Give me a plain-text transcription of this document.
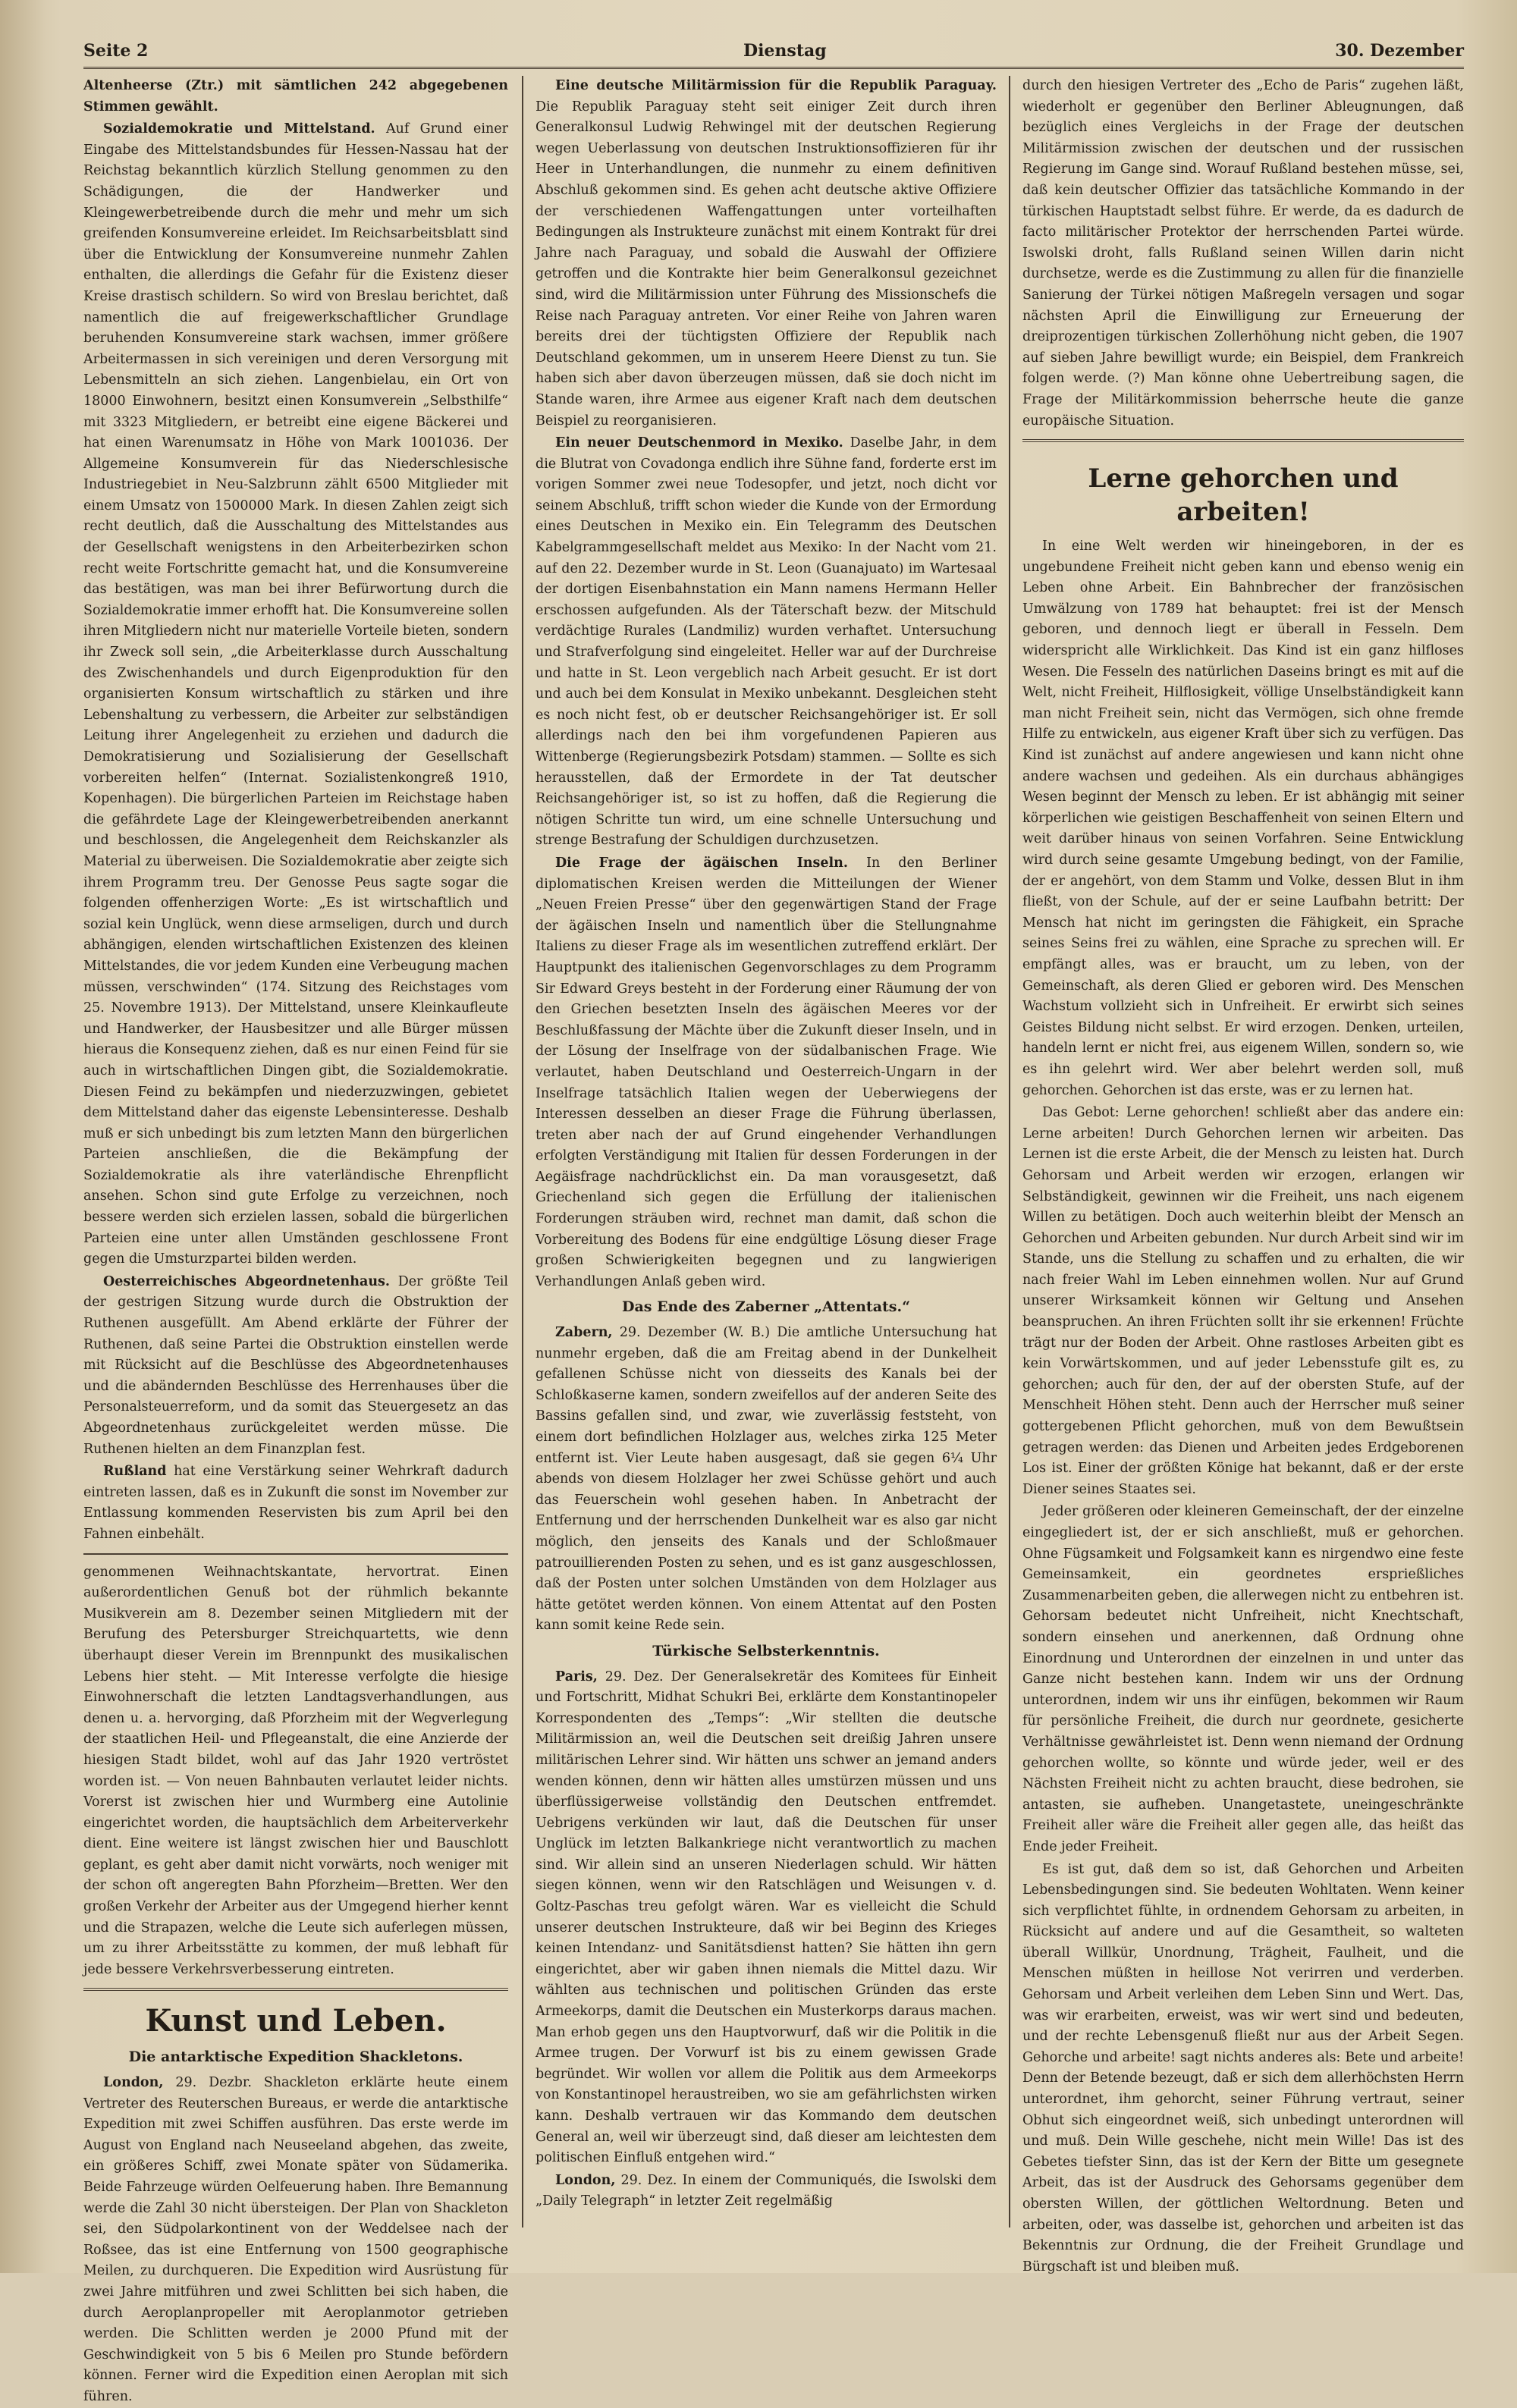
Seite 2	Dienstag	30. Dezember

Altenheerse (Ztr.) mit sämtlichen 242 abgegebenen Stimmen gewählt.

Sozialdemokratie und Mittelstand. Auf Grund einer Eingabe des Mittelstandsbundes für Hessen-Nassau hat der Reichstag bekanntlich kürzlich Stellung genommen zu den Schädigungen, die der Handwerker und Kleingewerbetreibende durch die mehr und mehr um sich greifenden Konsumvereine erleidet. Im Reichsarbeitsblatt sind über die Entwicklung der Konsumvereine nunmehr Zahlen enthalten, die allerdings die Gefahr für die Existenz dieser Kreise drastisch schildern. So wird von Breslau berichtet, daß namentlich die auf freigewerkschaftlicher Grundlage beruhenden Konsumvereine stark wachsen, immer größere Arbeitermassen in sich vereinigen und deren Versorgung mit Lebensmitteln an sich ziehen. Langenbielau, ein Ort von 18000 Einwohnern, besitzt einen Konsumverein „Selbsthilfe“ mit 3323 Mitgliedern, er betreibt eine eigene Bäckerei und hat einen Warenumsatz in Höhe von Mark 1001036. Der Allgemeine Konsumverein für das Niederschlesische Industriegebiet in Neu-Salzbrunn zählt 6500 Mitglieder mit einem Umsatz von 1500000 Mark. In diesen Zahlen zeigt sich recht deutlich, daß die Ausschaltung des Mittelstandes aus der Gesellschaft wenigstens in den Arbeiterbezirken schon recht weite Fortschritte gemacht hat, und die Konsumvereine das bestätigen, was man bei ihrer Befürwortung durch die Sozialdemokratie immer erhofft hat. Die Konsumvereine sollen ihren Mitgliedern nicht nur materielle Vorteile bieten, sondern ihr Zweck soll sein, „die Arbeiterklasse durch Ausschaltung des Zwischenhandels und durch Eigenproduktion für den organisierten Konsum wirtschaftlich zu stärken und ihre Lebenshaltung zu verbessern, die Arbeiter zur selbständigen Leitung ihrer Angelegenheit zu erziehen und dadurch die Demokratisierung und Sozialisierung der Gesellschaft vorbereiten helfen“ (Internat. Sozialistenkongreß 1910, Kopenhagen). Die bürgerlichen Parteien im Reichstage haben die gefährdete Lage der Kleingewerbetreibenden anerkannt und beschlossen, die Angelegenheit dem Reichskanzler als Material zu überweisen. Die Sozialdemokratie aber zeigte sich ihrem Programm treu. Der Genosse Peus sagte sogar die folgenden offenherzigen Worte: „Es ist wirtschaftlich und sozial kein Unglück, wenn diese armseligen, durch und durch abhängigen, elenden wirtschaftlichen Existenzen des kleinen Mittelstandes, die vor jedem Kunden eine Verbeugung machen müssen, verschwinden“ (174. Sitzung des Reichstages vom 25. Novembre 1913). Der Mittelstand, unsere Kleinkaufleute und Handwerker, der Hausbesitzer und alle Bürger müssen hieraus die Konsequenz ziehen, daß es nur einen Feind für sie auch in wirtschaftlichen Dingen gibt, die Sozialdemokratie. Diesen Feind zu bekämpfen und niederzuzwingen, gebietet dem Mittelstand daher das eigenste Lebensinteresse. Deshalb muß er sich unbedingt bis zum letzten Mann den bürgerlichen Parteien anschließen, die die Bekämpfung der Sozialdemokratie als ihre vaterländische Ehrenpflicht ansehen. Schon sind gute Erfolge zu verzeichnen, noch bessere werden sich erzielen lassen, sobald die bürgerlichen Parteien eine unter allen Umständen geschlossene Front gegen die Umsturzpartei bilden werden.

Oesterreichisches Abgeordnetenhaus. Der größte Teil der gestrigen Sitzung wurde durch die Obstruktion der Ruthenen ausgefüllt. Am Abend erklärte der Führer der Ruthenen, daß seine Partei die Obstruktion einstellen werde mit Rücksicht auf die Beschlüsse des Abgeordnetenhauses und die abändernden Beschlüsse des Herrenhauses über die Personalsteuerreform, und da somit das Steuergesetz an das Abgeordnetenhaus zurückgeleitet werden müsse. Die Ruthenen hielten an dem Finanzplan fest.

Rußland hat eine Verstärkung seiner Wehrkraft dadurch eintreten lassen, daß es in Zukunft die sonst im November zur Entlassung kommenden Reservisten bis zum April bei den Fahnen einbehält.

genommenen Weihnachtskantate, hervortrat. Einen außerordentlichen Genuß bot der rühmlich bekannte Musikverein am 8. Dezember seinen Mitgliedern mit der Berufung des Petersburger Streichquartetts, wie denn überhaupt dieser Verein im Brennpunkt des musikalischen Lebens hier steht. — Mit Interesse verfolgte die hiesige Einwohnerschaft die letzten Landtagsverhandlungen, aus denen u. a. hervorging, daß Pforzheim mit der Wegverlegung der staatlichen Heil- und Pflegeanstalt, die eine Anzierde der hiesigen Stadt bildet, wohl auf das Jahr 1920 vertröstet worden ist. — Von neuen Bahnbauten verlautet leider nichts. Vorerst ist zwischen hier und Wurmberg eine Autolinie eingerichtet worden, die hauptsächlich dem Arbeiterverkehr dient. Eine weitere ist längst zwischen hier und Bauschlott geplant, es geht aber damit nicht vorwärts, noch weniger mit der schon oft angeregten Bahn Pforzheim—Bretten. Wer den großen Verkehr der Arbeiter aus der Umgegend hierher kennt und die Strapazen, welche die Leute sich auferlegen müssen, um zu ihrer Arbeitsstätte zu kommen, der muß lebhaft für jede bessere Verkehrsverbesserung eintreten.

Kunst und Leben.
Die antarktische Expedition Shackletons.

London, 29. Dezbr. Shackleton erklärte heute einem Vertreter des Reuterschen Bureaus, er werde die antarktische Expedition mit zwei Schiffen ausführen. Das erste werde im August von England nach Neuseeland abgehen, das zweite, ein größeres Schiff, zwei Monate später von Südamerika. Beide Fahrzeuge würden Oelfeuerung haben. Ihre Bemannung werde die Zahl 30 nicht übersteigen. Der Plan von Shackleton sei, den Südpolarkontinent von der Weddelsee nach der Roßsee, das ist eine Entfernung von 1500 geographische Meilen, zu durchqueren. Die Expedition wird Ausrüstung für zwei Jahre mitführen und zwei Schlitten bei sich haben, die durch Aeroplanpropeller mit Aeroplanmotor getrieben werden. Die Schlitten werden je 2000 Pfund mit der Geschwindigkeit von 5 bis 6 Meilen pro Stunde befördern können. Ferner wird die Expedition einen Aeroplan mit sich führen.

Eine deutsche Militärmission für die Republik Paraguay. Die Republik Paraguay steht seit einiger Zeit durch ihren Generalkonsul Ludwig Rehwingel mit der deutschen Regierung wegen Ueberlassung von deutschen Instruktionsoffizieren für ihr Heer in Unterhandlungen, die nunmehr zu einem definitiven Abschluß gekommen sind. Es gehen acht deutsche aktive Offiziere der verschiedenen Waffengattungen unter vorteilhaften Bedingungen als Instrukteure zunächst mit einem Kontrakt für drei Jahre nach Paraguay, und sobald die Auswahl der Offiziere getroffen und die Kontrakte hier beim Generalkonsul gezeichnet sind, wird die Militärmission unter Führung des Missionschefs die Reise nach Paraguay antreten. Vor einer Reihe von Jahren waren bereits drei der tüchtigsten Offiziere der Republik nach Deutschland gekommen, um in unserem Heere Dienst zu tun. Sie haben sich aber davon überzeugen müssen, daß sie doch nicht im Stande waren, ihre Armee aus eigener Kraft nach dem deutschen Beispiel zu reorganisieren.

Ein neuer Deutschenmord in Mexiko. Daselbe Jahr, in dem die Blutrat von Covadonga endlich ihre Sühne fand, forderte erst im vorigen Sommer zwei neue Todesopfer, und jetzt, noch dicht vor seinem Abschluß, trifft schon wieder die Kunde von der Ermordung eines Deutschen in Mexiko ein. Ein Telegramm des Deutschen Kabelgrammgesellschaft meldet aus Mexiko: In der Nacht vom 21. auf den 22. Dezember wurde in St. Leon (Guanajuato) im Wartesaal der dortigen Eisenbahnstation ein Mann namens Hermann Heller erschossen aufgefunden. Als der Täterschaft bezw. der Mitschuld verdächtige Rurales (Landmiliz) wurden verhaftet. Untersuchung und Strafverfolgung sind eingeleitet. Heller war auf der Durchreise und hatte in St. Leon vergeblich nach Arbeit gesucht. Er ist dort und auch bei dem Konsulat in Mexiko unbekannt. Desgleichen steht es noch nicht fest, ob er deutscher Reichsangehöriger ist. Er soll allerdings nach den bei ihm vorgefundenen Papieren aus Wittenberge (Regierungsbezirk Potsdam) stammen. — Sollte es sich herausstellen, daß der Ermordete in der Tat deutscher Reichsangehöriger ist, so ist zu hoffen, daß die Regierung die nötigen Schritte tun wird, um eine schnelle Untersuchung und strenge Bestrafung der Schuldigen durchzusetzen.

Die Frage der ägäischen Inseln. In den Berliner diplomatischen Kreisen werden die Mitteilungen der Wiener „Neuen Freien Presse“ über den gegenwärtigen Stand der Frage der ägäischen Inseln und namentlich über die Stellungnahme Italiens zu dieser Frage als im wesentlichen zutreffend erklärt. Der Hauptpunkt des italienischen Gegenvorschlages zu dem Programm Sir Edward Greys besteht in der Forderung einer Räumung der von den Griechen besetzten Inseln des ägäischen Meeres vor der Beschlußfassung der Mächte über die Zukunft dieser Inseln, und in der Lösung der Inselfrage von der südalbanischen Frage. Wie verlautet, haben Deutschland und Oesterreich-Ungarn in der Inselfrage tatsächlich Italien wegen der Ueberwiegens der Interessen desselben an dieser Frage die Führung überlassen, treten aber nach der auf Grund eingehender Verhandlungen erfolgten Verständigung mit Italien für dessen Forderungen in der Aegäisfrage nachdrücklichst ein. Da man vorausgesetzt, daß Griechenland sich gegen die Erfüllung der italienischen Forderungen sträuben wird, rechnet man damit, daß schon die Vorbereitung des Bodens für eine endgültige Lösung dieser Frage großen Schwierigkeiten begegnen und zu langwierigen Verhandlungen Anlaß geben wird.

Das Ende des Zaberner „Attentats.“

Zabern, 29. Dezember (W. B.) Die amtliche Untersuchung hat nunmehr ergeben, daß die am Freitag abend in der Dunkelheit gefallenen Schüsse nicht von diesseits des Kanals bei der Schloßkaserne kamen, sondern zweifellos auf der anderen Seite des Bassins gefallen sind, und zwar, wie zuverlässig feststeht, von einem dort befindlichen Holzlager aus, welches zirka 125 Meter entfernt ist. Vier Leute haben ausgesagt, daß sie gegen 6¼ Uhr abends von diesem Holzlager her zwei Schüsse gehört und auch das Feuerschein wohl gesehen haben. In Anbetracht der Entfernung und der herrschenden Dunkelheit war es also gar nicht möglich, den jenseits des Kanals und der Schloßmauer patrouillierenden Posten zu sehen, und es ist ganz ausgeschlossen, daß der Posten unter solchen Umständen von dem Holzlager aus hätte getötet werden können. Von einem Attentat auf den Posten kann somit keine Rede sein.

Türkische Selbsterkenntnis.

Paris, 29. Dez. Der Generalsekretär des Komitees für Einheit und Fortschritt, Midhat Schukri Bei, erklärte dem Konstantinopeler Korrespondenten des „Temps“: „Wir stellten die deutsche Militärmission an, weil die Deutschen seit dreißig Jahren unsere militärischen Lehrer sind. Wir hätten uns schwer an jemand anders wenden können, denn wir hätten alles umstürzen müssen und uns überflüssigerweise vollständig den Deutschen entfremdet. Uebrigens verkünden wir laut, daß die Deutschen für unser Unglück im letzten Balkankriege nicht verantwortlich zu machen sind. Wir allein sind an unseren Niederlagen schuld. Wir hätten siegen können, wenn wir den Ratschlägen und Weisungen v. d. Goltz-Paschas treu gefolgt wären. War es vielleicht die Schuld unserer deutschen Instrukteure, daß wir bei Beginn des Krieges keinen Intendanz- und Sanitätsdienst hatten? Sie hätten ihn gern eingerichtet, aber wir gaben ihnen niemals die Mittel dazu. Wir wählten aus technischen und politischen Gründen das erste Armeekorps, damit die Deutschen ein Musterkorps daraus machen. Man erhob gegen uns den Hauptvorwurf, daß wir die Politik in die Armee trugen. Der Vorwurf ist bis zu einem gewissen Grade begründet. Wir wollen vor allem die Politik aus dem Armeekorps von Konstantinopel heraustreiben, wo sie am gefährlichsten wirken kann. Deshalb vertrauen wir das Kommando dem deutschen General an, weil wir überzeugt sind, daß dieser am leichtesten dem politischen Einfluß entgehen wird.“

London, 29. Dez. In einem der Communiqués, die Iswolski dem „Daily Telegraph“ in letzter Zeit regelmäßig

durch den hiesigen Vertreter des „Echo de Paris“ zugehen läßt, wiederholt er gegenüber den Berliner Ableugnungen, daß bezüglich eines Vergleichs in der Frage der deutschen Militärmission zwischen der deutschen und der russischen Regierung im Gange sind. Worauf Rußland bestehen müsse, sei, daß kein deutscher Offizier das tatsächliche Kommando in der türkischen Hauptstadt selbst führe. Er werde, da es dadurch de facto militärischer Protektor der herrschenden Partei würde. Iswolski droht, falls Rußland seinen Willen darin nicht durchsetze, werde es die Zustimmung zu allen für die finanzielle Sanierung der Türkei nötigen Maßregeln versagen und sogar nächsten April die Einwilligung zur Erneuerung der dreiprozentigen türkischen Zollerhöhung nicht geben, die 1907 auf sieben Jahre bewilligt wurde; ein Beispiel, dem Frankreich folgen werde. (?) Man könne ohne Uebertreibung sagen, die Frage der Militärkommission beherrsche heute die ganze europäische Situation.

Lerne gehorchen und arbeiten!

In eine Welt werden wir hineingeboren, in der es ungebundene Freiheit nicht geben kann und ebenso wenig ein Leben ohne Arbeit. Ein Bahnbrecher der französischen Umwälzung von 1789 hat behauptet: frei ist der Mensch geboren, und dennoch liegt er überall in Fesseln. Dem widerspricht alle Wirklichkeit. Das Kind ist ein ganz hilfloses Wesen. Die Fesseln des natürlichen Daseins bringt es mit auf die Welt, nicht Freiheit, Hilflosigkeit, völlige Unselbständigkeit kann man nicht Freiheit sein, nicht das Vermögen, sich ohne fremde Hilfe zu entwickeln, aus eigener Kraft über sich zu verfügen. Das Kind ist zunächst auf andere angewiesen und kann nicht ohne andere wachsen und gedeihen. Als ein durchaus abhängiges Wesen beginnt der Mensch zu leben. Er ist abhängig mit seiner körperlichen wie geistigen Beschaffenheit von seinen Eltern und weit darüber hinaus von seinen Vorfahren. Seine Entwicklung wird durch seine gesamte Umgebung bedingt, von der Familie, der er angehört, von dem Stamm und Volke, dessen Blut in ihm fließt, von der Schule, auf der er seine Laufbahn betritt: Der Mensch hat nicht im geringsten die Fähigkeit, ein Sprache seines Seins frei zu wählen, eine Sprache zu sprechen will. Er empfängt alles, was er braucht, um zu leben, von der Gemeinschaft, als deren Glied er geboren wird. Des Menschen Wachstum vollzieht sich in Unfreiheit. Er erwirbt sich seines Geistes Bildung nicht selbst. Er wird erzogen. Denken, urteilen, handeln lernt er nicht frei, aus eigenem Willen, sondern so, wie es ihn gelehrt wird. Wer aber belehrt werden soll, muß gehorchen. Gehorchen ist das erste, was er zu lernen hat.

Das Gebot: Lerne gehorchen! schließt aber das andere ein: Lerne arbeiten! Durch Gehorchen lernen wir arbeiten. Das Lernen ist die erste Arbeit, die der Mensch zu leisten hat. Durch Gehorsam und Arbeit werden wir erzogen, erlangen wir Selbständigkeit, gewinnen wir die Freiheit, uns nach eigenem Willen zu betätigen. Doch auch weiterhin bleibt der Mensch an Gehorchen und Arbeiten gebunden. Nur durch Arbeit sind wir im Stande, uns die Stellung zu schaffen und zu erhalten, die wir nach freier Wahl im Leben einnehmen wollen. Nur auf Grund unserer Wirksamkeit können wir Geltung und Ansehen beanspruchen. An ihren Früchten sollt ihr sie erkennen! Früchte trägt nur der Boden der Arbeit. Ohne rastloses Arbeiten gibt es kein Vorwärtskommen, und auf jeder Lebensstufe gilt es, zu gehorchen; auch für den, der auf der obersten Stufe, auf der Menschheit Höhen steht. Denn auch der Herrscher muß seiner gottergebenen Pflicht gehorchen, muß von dem Bewußtsein getragen werden: das Dienen und Arbeiten jedes Erdgeborenen Los ist. Einer der größten Könige hat bekannt, daß er der erste Diener seines Staates sei.

Jeder größeren oder kleineren Gemeinschaft, der der einzelne eingegliedert ist, der er sich anschließt, muß er gehorchen. Ohne Fügsamkeit und Folgsamkeit kann es nirgendwo eine feste Gemeinsamkeit, ein geordnetes ersprießliches Zusammenarbeiten geben, die allerwegen nicht zu entbehren ist. Gehorsam bedeutet nicht Unfreiheit, nicht Knechtschaft, sondern einsehen und anerkennen, daß Ordnung ohne Einordnung und Unterordnen der einzelnen in und unter das Ganze nicht bestehen kann. Indem wir uns der Ordnung unterordnen, indem wir uns ihr einfügen, bekommen wir Raum für persönliche Freiheit, die durch nur geordnete, gesicherte Verhältnisse gewährleistet ist. Denn wenn niemand der Ordnung gehorchen wollte, so könnte und würde jeder, weil er des Nächsten Freiheit nicht zu achten braucht, diese bedrohen, sie antasten, sie aufheben. Unangetastete, uneingeschränkte Freiheit aller wäre die Freiheit aller gegen alle, das heißt das Ende jeder Freiheit.

Es ist gut, daß dem so ist, daß Gehorchen und Arbeiten Lebensbedingungen sind. Sie bedeuten Wohltaten. Wenn keiner sich verpflichtet fühlte, in ordnendem Gehorsam zu arbeiten, in Rücksicht auf andere und auf die Gesamtheit, so walteten überall Willkür, Unordnung, Trägheit, Faulheit, und die Menschen müßten in heillose Not verirren und verderben. Gehorsam und Arbeit verleihen dem Leben Sinn und Wert. Das, was wir erarbeiten, erweist, was wir wert sind und bedeuten, und der rechte Lebensgenuß fließt nur aus der Arbeit Segen. Gehorche und arbeite! sagt nichts anderes als: Bete und arbeite! Denn der Betende bezeugt, daß er sich dem allerhöchsten Herrn unterordnet, ihm gehorcht, seiner Führung vertraut, seiner Obhut sich eingeordnet weiß, sich unbedingt unterordnen will und muß. Dein Wille geschehe, nicht mein Wille! Das ist des Gebetes tiefster Sinn, das ist der Kern der Bitte um gesegnete Arbeit, das ist der Ausdruck des Gehorsams gegenüber dem obersten Willen, der göttlichen Weltordnung. Beten und arbeiten, oder, was dasselbe ist, gehorchen und arbeiten ist das Bekenntnis zur Ordnung, die der Freiheit Grundlage und Bürgschaft ist und bleiben muß.
